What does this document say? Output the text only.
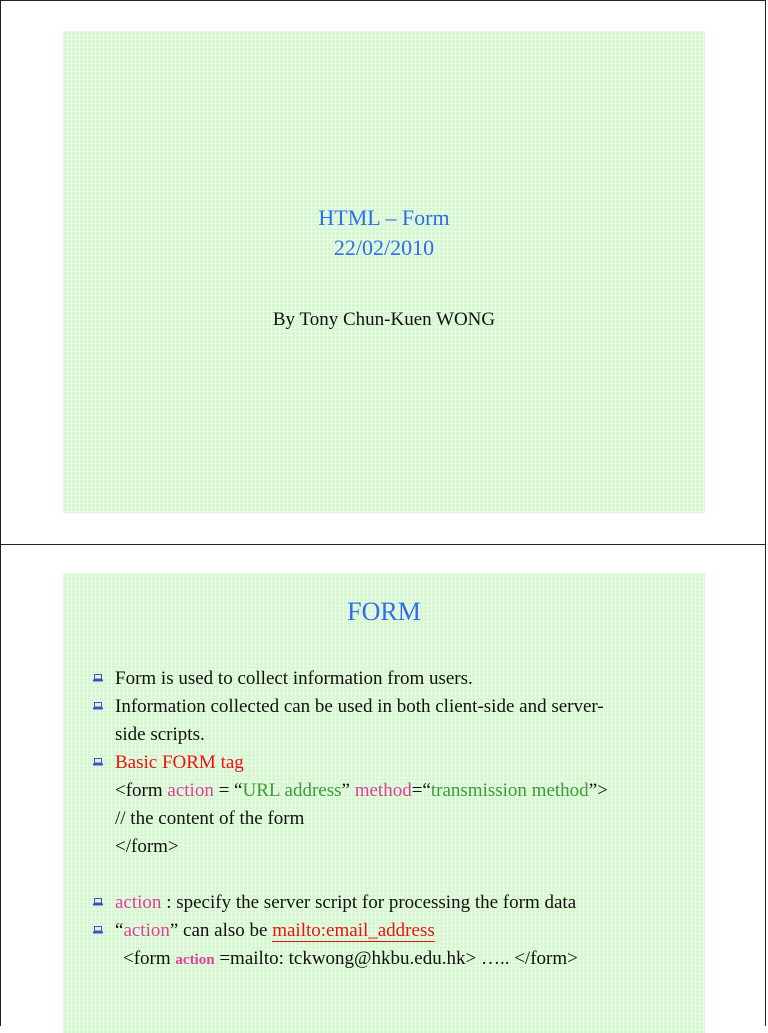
HTML – Form
22/02/2010
By Tony Chun-Kuen WONG
FORM
Form is used to collect information from users.
Information collected can be used in both client-side and server-
side scripts.
Basic FORM tag
<form action = “URL address” method=“transmission method”>
// the content of the form
</form>
action : specify the server script for processing the form data
“action” can also be mailto:email_address
<form action =mailto: tckwong@hkbu.edu.hk> ….. </form>
